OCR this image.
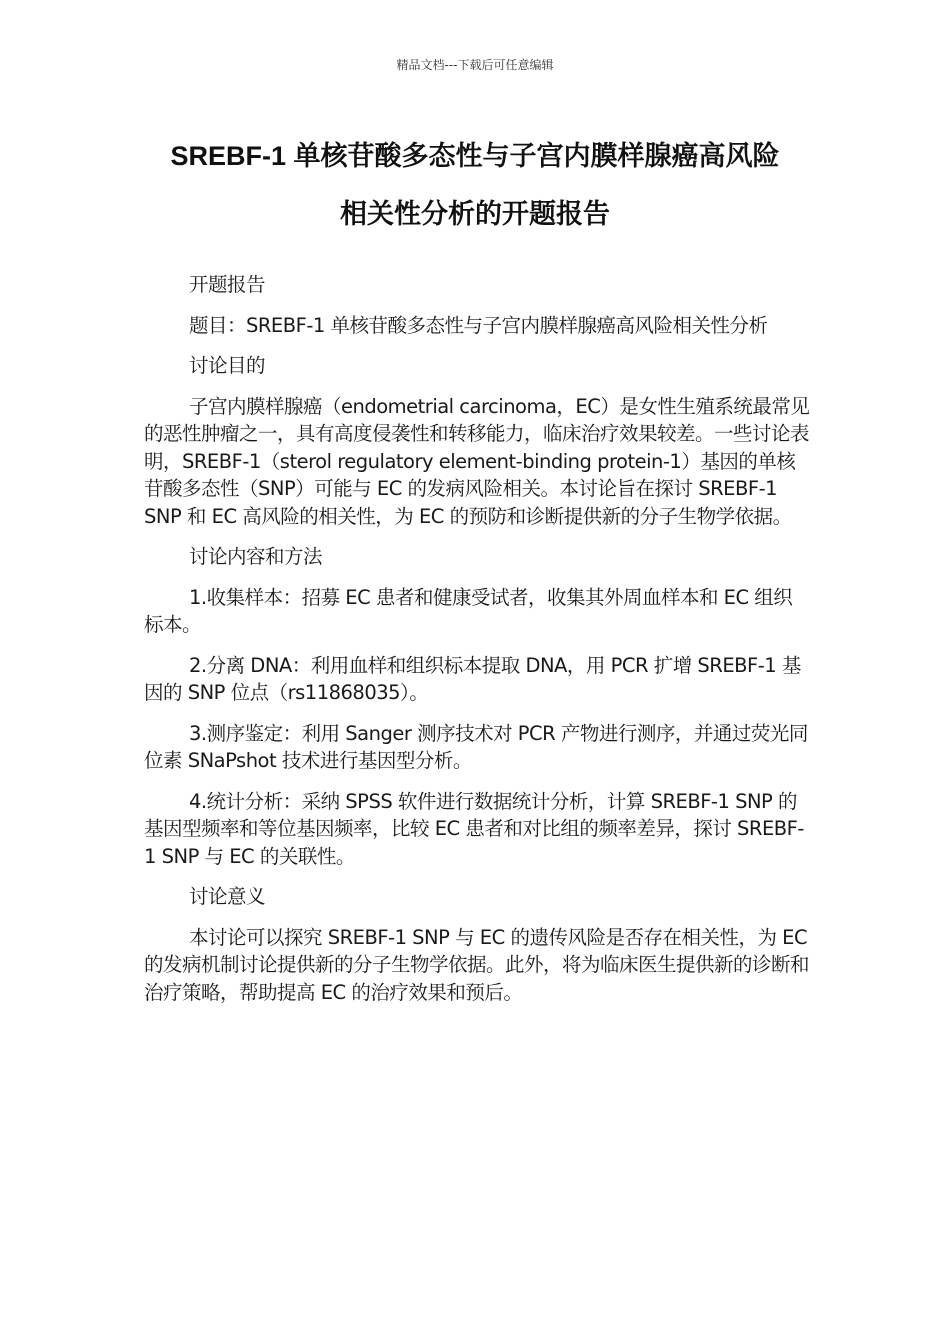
精品文档---下载后可任意编辑
SREBF-1 单核苷酸多态性与子宫内膜样腺癌高风险
相关性分析的开题报告

开题报告

题目：SREBF-1 单核苷酸多态性与子宫内膜样腺癌高风险相关性分析

讨论目的

子宫内膜样腺癌（endometrial carcinoma，EC）是女性生殖系统最常见的恶性肿瘤之一，具有高度侵袭性和转移能力，临床治疗效果较差。一些讨论表明，SREBF-1（sterol regulatory element-binding protein-1）基因的单核苷酸多态性（SNP）可能与 EC 的发病风险相关。本讨论旨在探讨 SREBF-1 SNP 和 EC 高风险的相关性，为 EC 的预防和诊断提供新的分子生物学依据。

讨论内容和方法

1.收集样本：招募 EC 患者和健康受试者，收集其外周血样本和 EC 组织标本。

2.分离 DNA：利用血样和组织标本提取 DNA，用 PCR 扩增 SREBF-1 基因的 SNP 位点（rs11868035）。

3.测序鉴定：利用 Sanger 测序技术对 PCR 产物进行测序，并通过荧光同位素 SNaPshot 技术进行基因型分析。

4.统计分析：采纳 SPSS 软件进行数据统计分析，计算 SREBF-1 SNP 的基因型频率和等位基因频率，比较 EC 患者和对比组的频率差异，探讨 SREBF-1 SNP 与 EC 的关联性。

讨论意义

本讨论可以探究 SREBF-1 SNP 与 EC 的遗传风险是否存在相关性，为 EC 的发病机制讨论提供新的分子生物学依据。此外，将为临床医生提供新的诊断和治疗策略，帮助提高 EC 的治疗效果和预后。
